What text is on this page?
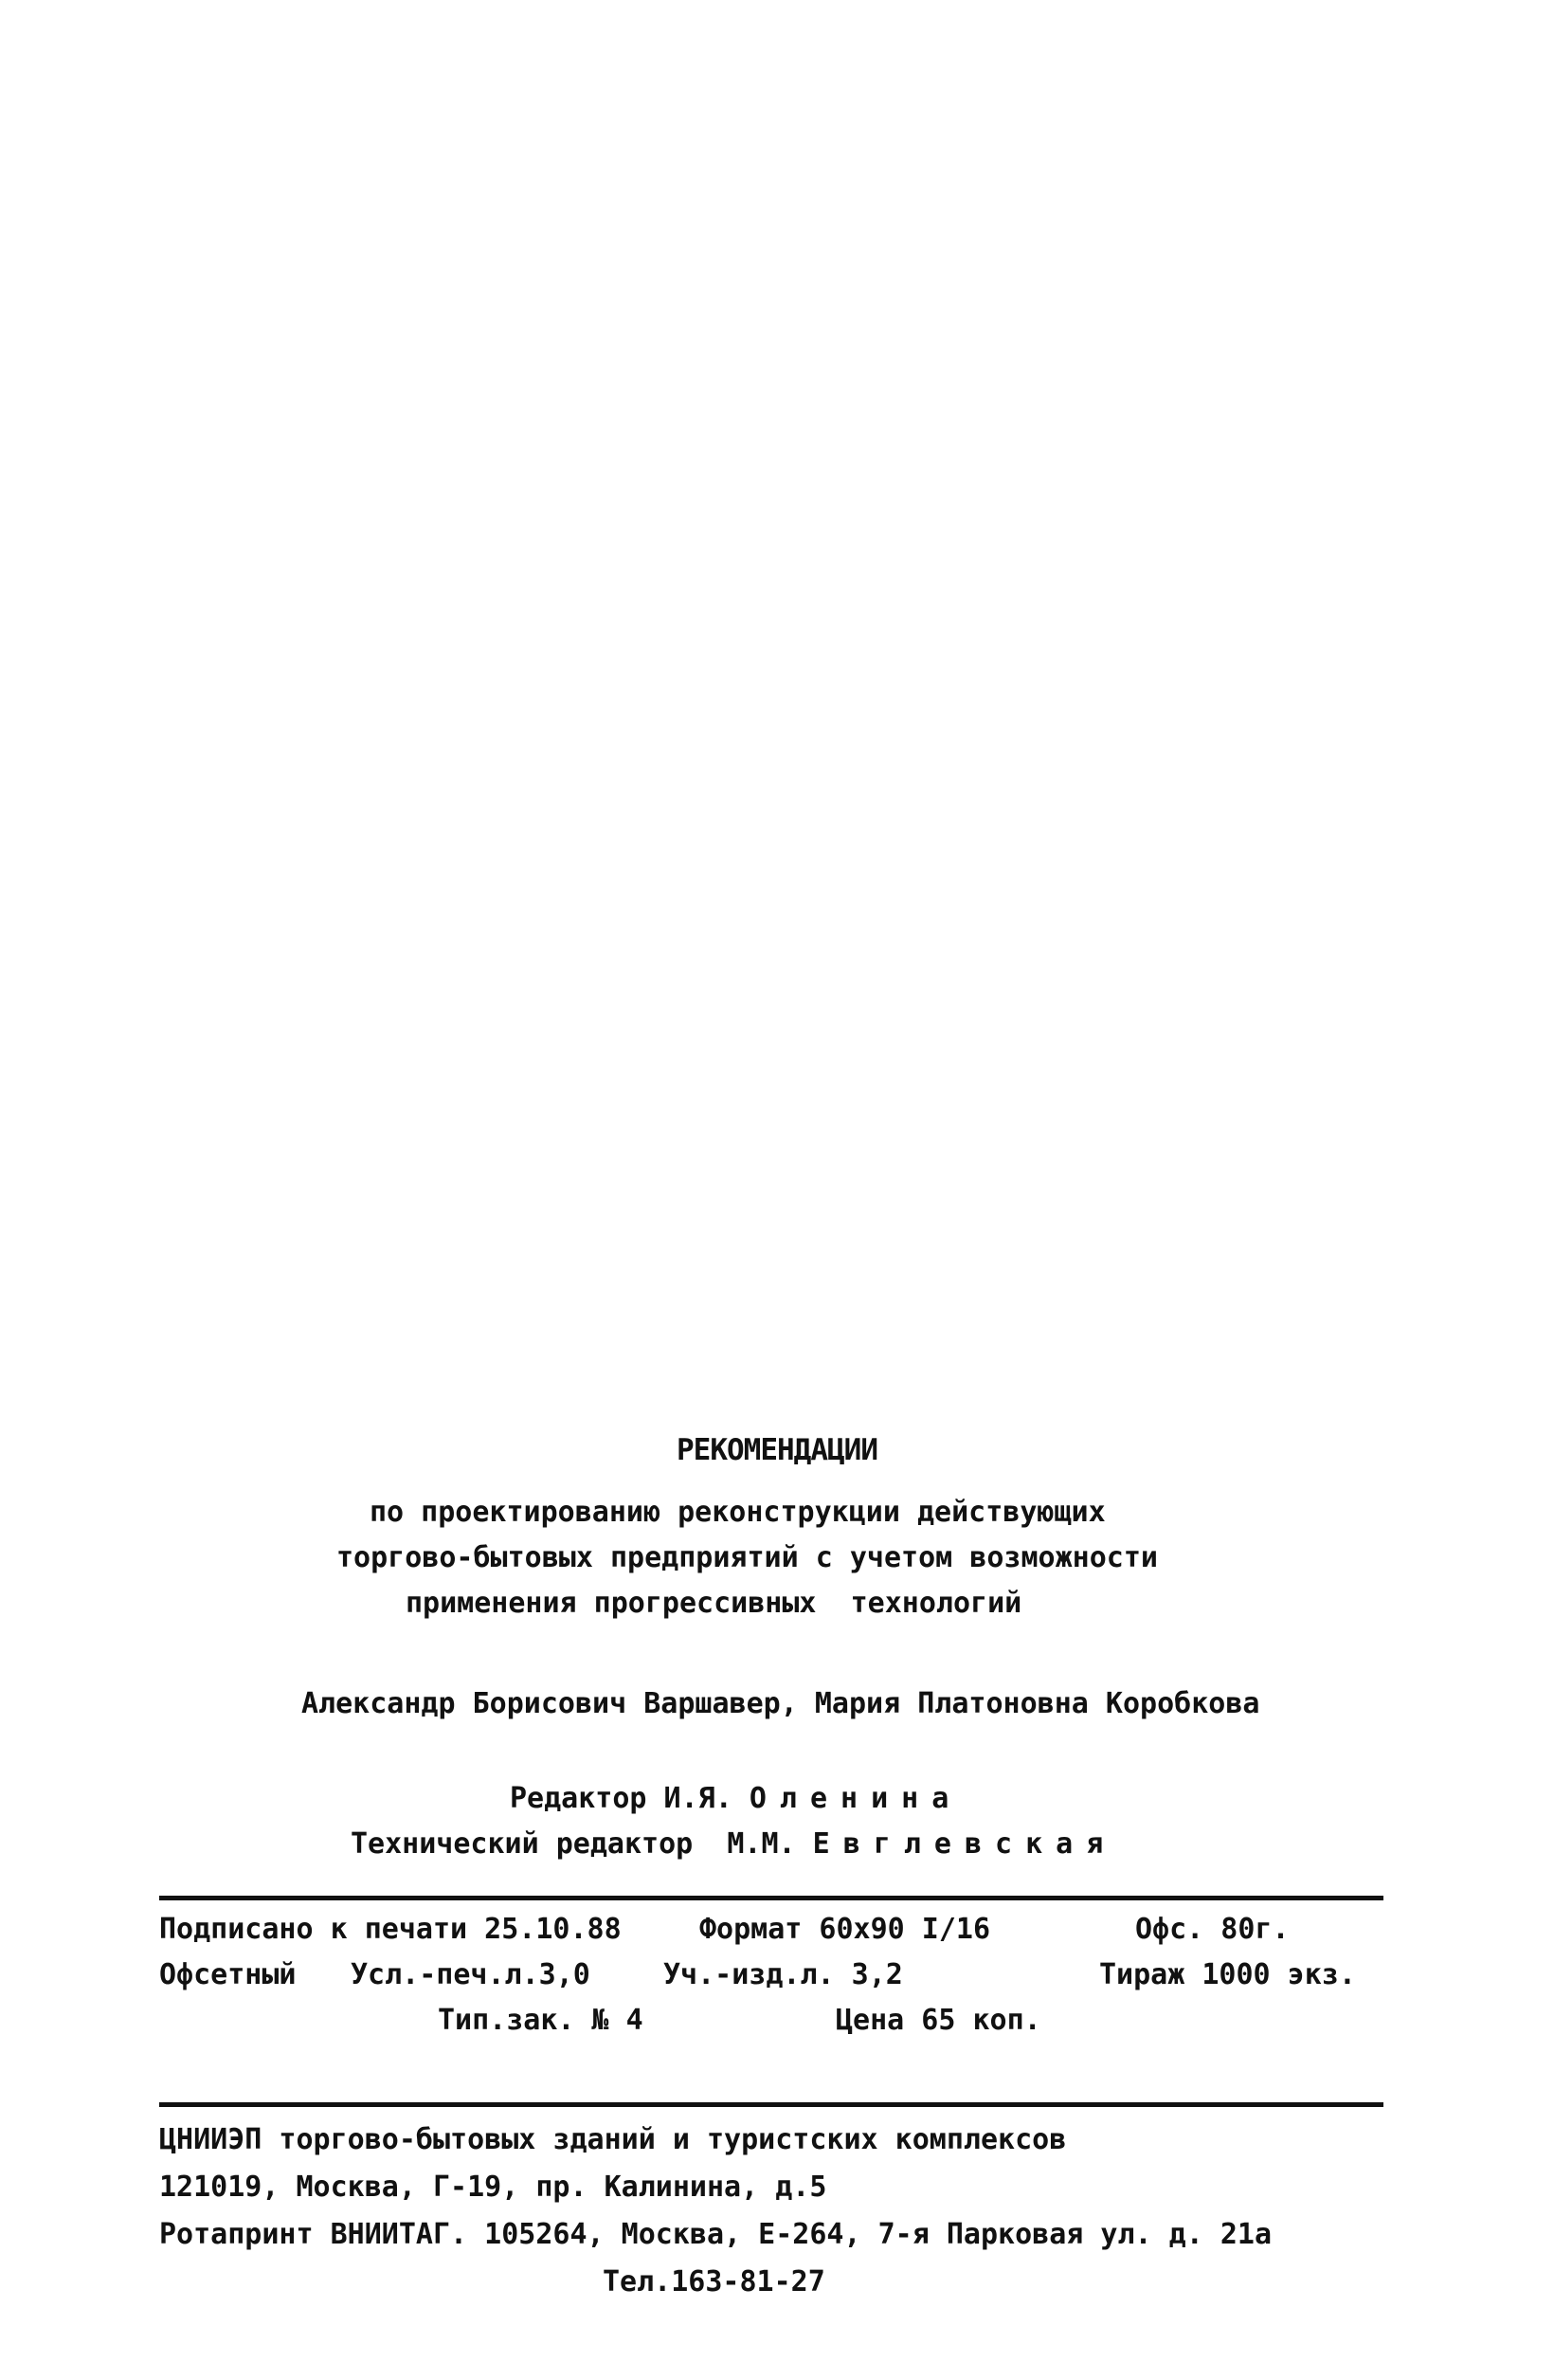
РЕКОМЕНДАЦИИ
по проектированию реконструкции действующих
торгово-бытовых предприятий с учетом возможности
применения прогрессивных  технологий
Александр Борисович Варшавер, Мария Платоновна Коробкова
Редактор И.Я. Оленина
Технический редактор  М.М. Евглевская
Подписано к печати 25.10.88	Формат 60х90 I/16	Офс. 80г.
Офсетный Усл.-печ.л.3,0	Уч.-изд.л. 3,2	Тираж 1000 экз.
Тип.зак. № 4	Цена 65 коп.
ЦНИИЭП торгово-бытовых зданий и туристских комплексов
121019, Москва, Г-19, пр. Калинина, д.5
Ротапринт ВНИИТАГ. 105264, Москва, Е-264, 7-я Парковая ул. д. 21а
Тел.163-81-27
